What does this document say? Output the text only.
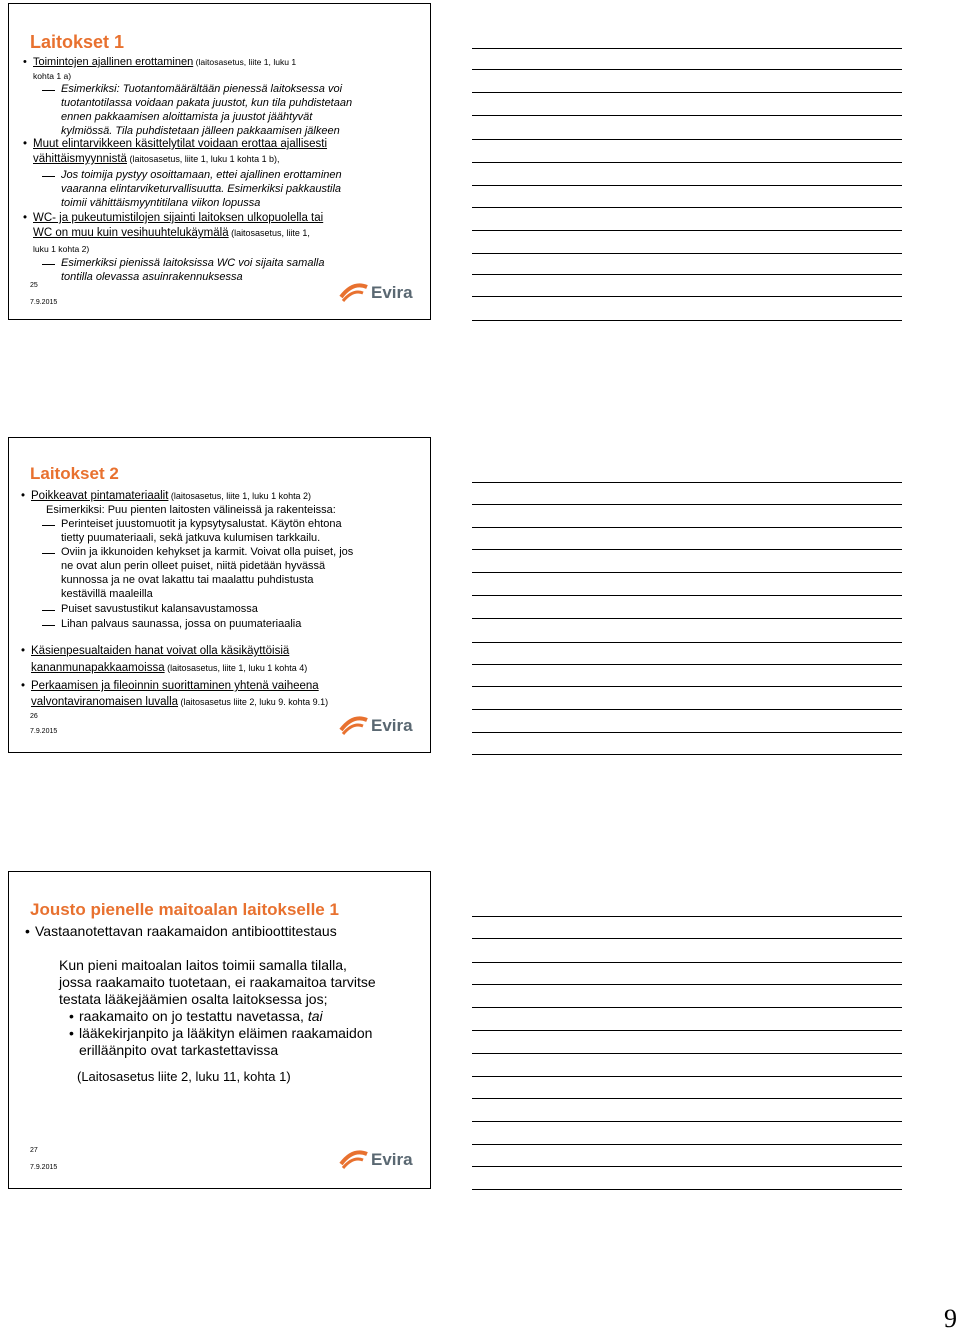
Laitokset 1
• Toimintojen ajallinen erottaminen (laitosasetus, liite 1, luku 1
kohta 1 a)
Esimerkiksi: Tuotantomäärältään pienessä laitoksessa voi
tuotantotilassa voidaan pakata juustot, kun tila puhdistetaan
ennen pakkaamisen aloittamista ja juustot jäähtyvät
kylmiössä. Tila puhdistetaan jälleen pakkaamisen jälkeen
• Muut elintarvikkeen käsittelytilat voidaan erottaa ajallisesti
vähittäismyynnistä (laitosasetus, liite 1, luku 1 kohta 1 b),
Jos toimija pystyy osoittamaan, ettei ajallinen erottaminen
vaaranna elintarviketurvallisuutta. Esimerkiksi pakkaustila
toimii vähittäismyyntitilana viikon lopussa
• WC- ja pukeutumistilojen sijainti laitoksen ulkopuolella tai
WC on muu kuin vesihuuhtelukäymälä (laitosasetus, liite 1,
luku 1 kohta 2)
Esimerkiksi pienissä laitoksissa WC voi sijaita samalla
tontilla olevassa asuinrakennuksessa
25
7.9.2015
Evira
Laitokset 2
• Poikkeavat pintamateriaalit (laitosasetus, liite 1, luku 1 kohta 2)
Esimerkiksi: Puu pienten laitosten välineissä ja rakenteissa:
Perinteiset juustomuotit ja kypsytysalustat. Käytön ehtona
tietty puumateriaali, sekä jatkuva kulumisen tarkkailu.
Oviin ja ikkunoiden kehykset ja karmit. Voivat olla puiset, jos
ne ovat alun perin olleet puiset, niitä pidetään hyvässä
kunnossa ja ne ovat lakattu tai maalattu puhdistusta
kestävillä maaleilla
Puiset savustustikut kalansavustamossa
Lihan palvaus saunassa, jossa on puumateriaalia
• Käsienpesualtaiden hanat voivat olla käsikäyttöisiä
kananmunapakkaamoissa (laitosasetus, liite 1, luku 1 kohta 4)
• Perkaamisen ja fileoinnin suorittaminen yhtenä vaiheena
valvontaviranomaisen luvalla (laitosasetus liite 2, luku 9. kohta 9.1)
26
7.9.2015	Evira
Jousto pienelle maitoalan laitokselle 1
• Vastaanotettavan raakamaidon antibioottitestaus
Kun pieni maitoalan laitos toimii samalla tilalla,
jossa raakamaito tuotetaan, ei raakamaitoa tarvitse
testata lääkejäämien osalta laitoksessa jos;
• raakamaito on jo testattu navetassa, tai
• lääkekirjanpito ja lääkityn eläimen raakamaidon
erilläänpito ovat tarkastettavissa
(Laitosasetus liite 2, luku 11, kohta 1)
27
7.9.2015	Evira
9
